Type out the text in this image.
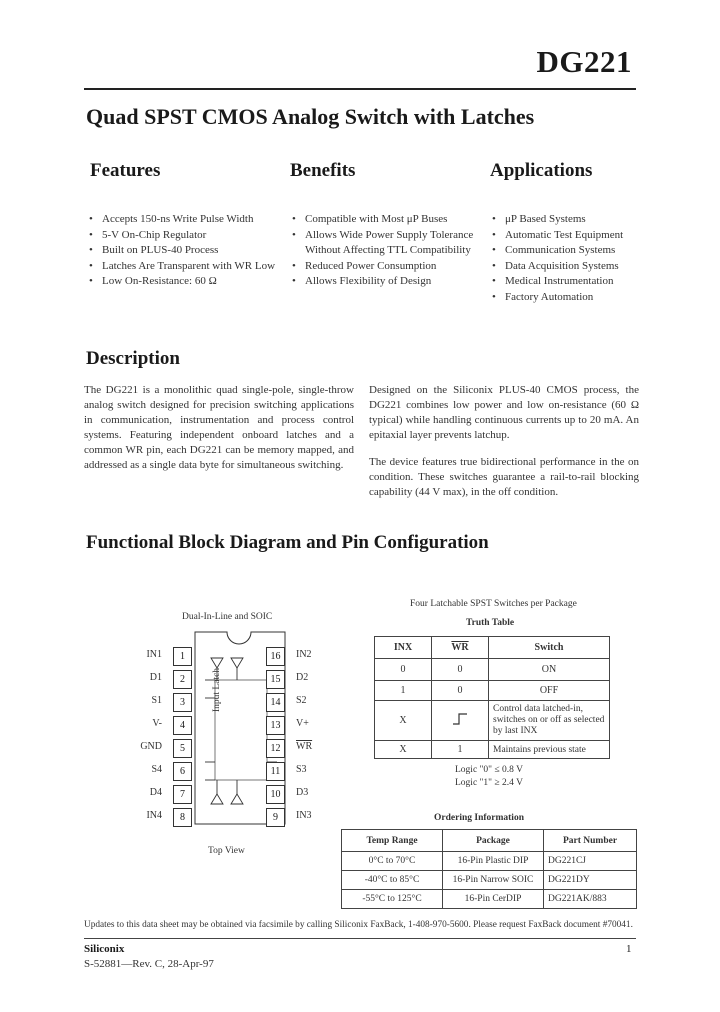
DG221
Quad SPST CMOS Analog Switch with Latches
Features
• Accepts 150-ns Write Pulse Width
• 5-V On-Chip Regulator
• Built on PLUS-40 Process
• Latches Are Transparent with WR Low
• Low On-Resistance: 60 Ω
Benefits
• Compatible with Most μP Buses
• Allows Wide Power Supply Tolerance Without Affecting TTL Compatibility
• Reduced Power Consumption
• Allows Flexibility of Design
Applications
• μP Based Systems
• Automatic Test Equipment
• Communication Systems
• Data Acquisition Systems
• Medical Instrumentation
• Factory Automation
Description

The DG221 is a monolithic quad single-pole, single-throw analog switch designed for precision switching applications in communication, instrumentation and process control systems. Featuring independent onboard latches and a common WR pin, each DG221 can be memory mapped, and addressed as a single data byte for simultaneous switching.

Designed on the Siliconix PLUS-40 CMOS process, the DG221 combines low power and low on-resistance (60 Ω typical) while handling continuous currents up to 20 mA. An epitaxial layer prevents latchup.

The device features true bidirectional performance in the on condition. These switches guarantee a rail-to-rail blocking capability (44 V max), in the off condition.

Functional Block Diagram and Pin Configuration
Dual-In-Line and SOIC
Input Latch
IN1	1
D1	2
S1	3
V-	4
GND	5
S4	6
D4	7
IN4	8
16	IN2
15	D2
14	S2
13	V+
12	$\overline{WR}$
11	S3
10	D3
9	IN3
Top View
Four Latchable SPST Switches per Package
Truth Table
INX	$\overline{WR}$	Switch
0	0	ON
1	0	OFF
X		Control data latched-in, switches on or off as selected by last INX
X	1	Maintains previous state
Logic "0" ≤ 0.8 V
Logic "1" ≥ 2.4 V
Ordering Information
Temp Range	Package	Part Number
0°C to 70°C	16-Pin Plastic DIP	DG221CJ
-40°C to 85°C	16-Pin Narrow SOIC	DG221DY
-55°C to 125°C	16-Pin CerDIP	DG221AK/883
Updates to this data sheet may be obtained via facsimile by calling Siliconix FaxBack, 1-408-970-5600. Please request FaxBack document #70041.
Siliconix
S-52881—Rev. C, 28-Apr-97
1
